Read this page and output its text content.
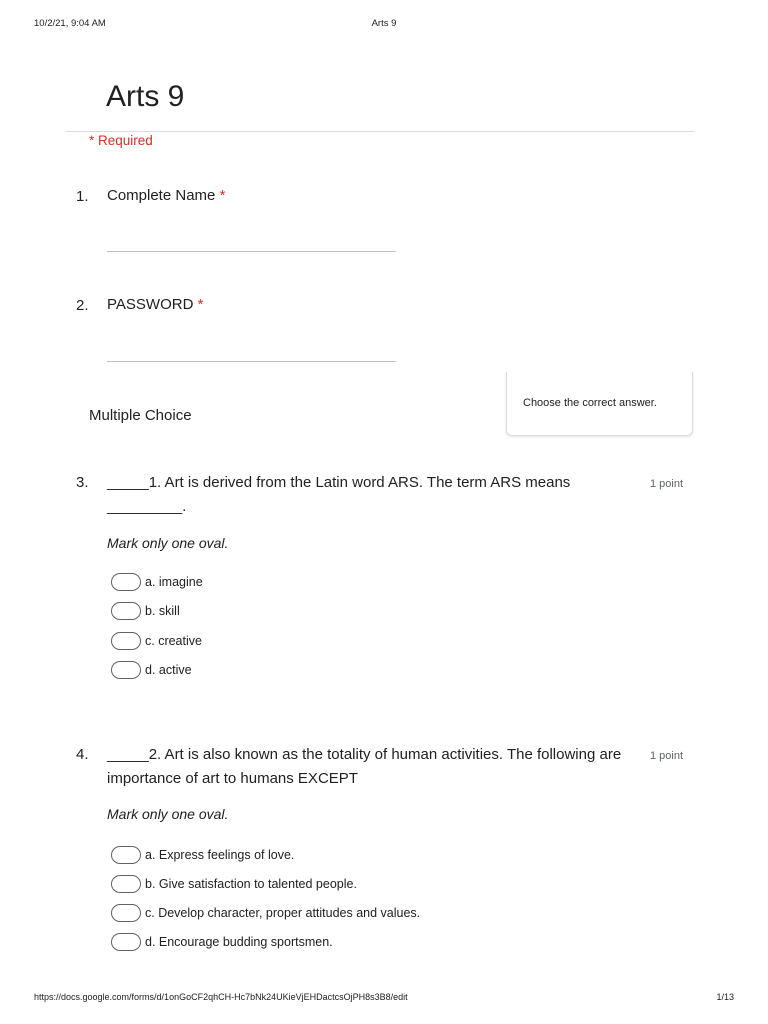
10/2/21, 9:04 AM	Arts 9
Arts 9
* Required
1. Complete Name *
2. PASSWORD *
Multiple Choice
Choose the correct answer.
3. _____1. Art is derived from the Latin word ARS. The term ARS means
_________.
1 point
Mark only one oval.
a. imagine
b. skill
c. creative
d. active
4. _____2. Art is also known as the totality of human activities. The following are
importance of art to humans EXCEPT
1 point
Mark only one oval.
a. Express feelings of love.
b. Give satisfaction to talented people.
c. Develop character, proper attitudes and values.
d. Encourage budding sportsmen.
https://docs.google.com/forms/d/1onGoCF2qhCH-Hc7bNk24UKieVjEHDactcsOjPH8s3B8/edit	1/13
